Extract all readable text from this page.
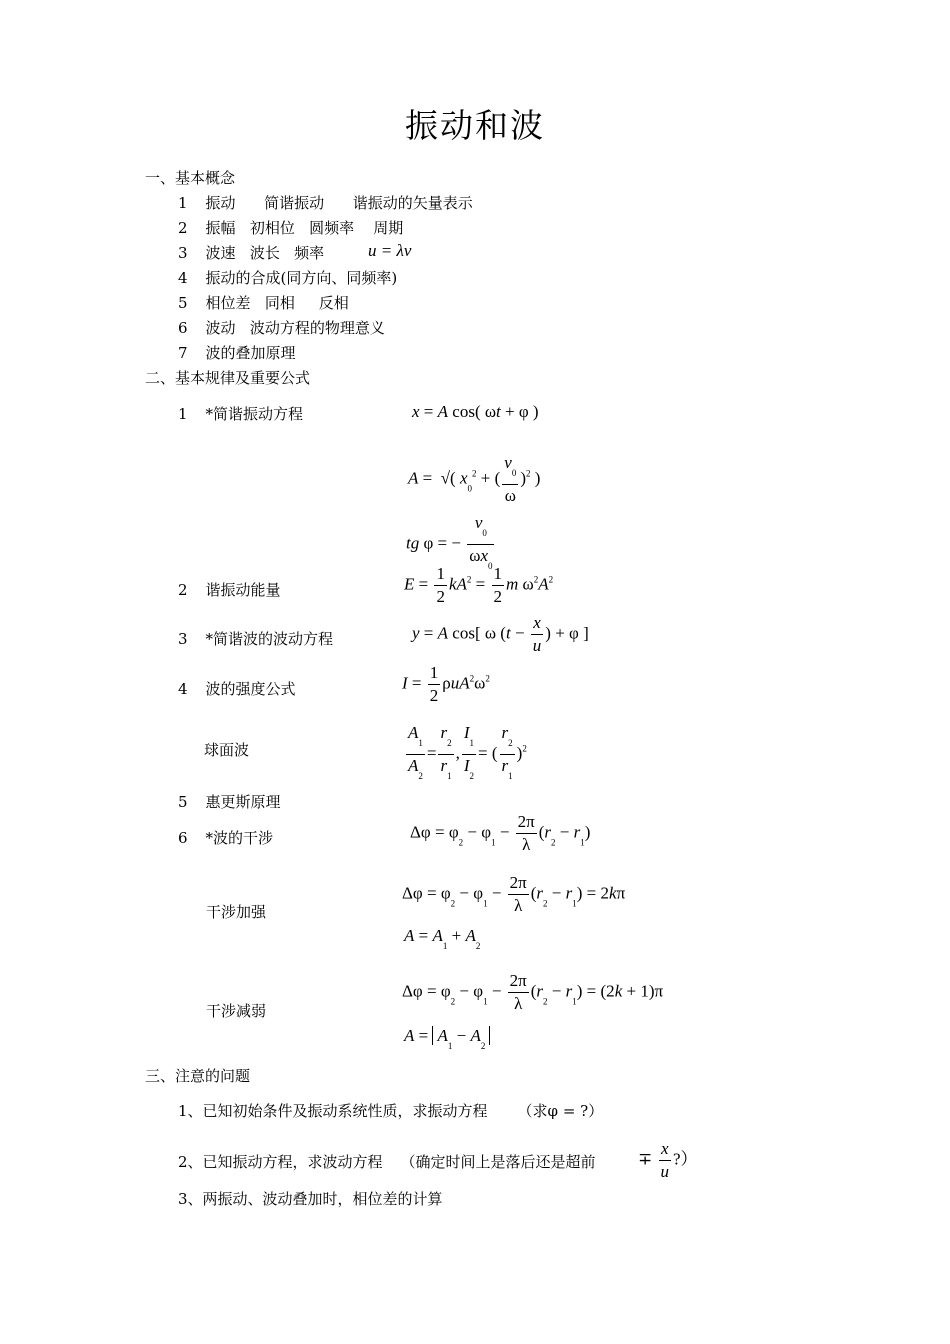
振动和波
一、基本概念
1 振动      简谐振动      谐振动的矢量表示
2 振幅   初相位   圆频率    周期
3 波速   波长   频率	u = λv
4 振动的合成(同方向、同频率)
5 相位差   同相     反相
6 波动   波动方程的物理意义
7 波的叠加原理
二、基本规律及重要公式
1 *简谐振动方程	x = A cos( ωt + φ )
A =  √( $x_0^2$ + ( $\frac{v_0}{\omega} )^2$ )
tg φ = − $\frac{v_0}{\omega x_0}$
2 谐振动能量	$E = \frac{1}{2} kA^2 = \frac{1}{2}$ m $\omega^2A^2$
3 *简谐波的波动方程	y = A cos[ ω ($t - \frac{x}{u}$ ) + φ ]
4 波的强度公式	$I = \frac{1}{2} \rho uA^2\omega^2$
球面波	$\frac{A_1}{A_2} = \frac{r_2}{r_1}$ , $\frac{I_1}{I_2}$ = ( $\frac{r_2}{r_1} )^2$
5 惠更斯原理
6 *波的干涉	$\Delta\varphi = \varphi_2 - \varphi_1 - \frac{2\pi}{\lambda} (r_2 - r_1)$
干涉加强
$\Delta\varphi = \varphi_2 - \varphi_1 - \frac{2\pi}{\lambda} (r_2 - r_1) = 2k\pi$
$A = A_1 + A_2$
干涉减弱
$\Delta\varphi = \varphi_2 - \varphi_1 - \frac{2\pi}{\lambda} (r_2 - r_1) = (2k + 1)\pi$
$A = A_1 - A_2$
三、注意的问题
1、已知初始条件及振动系统性质，求振动方程 （求φ = ?）
2、已知振动方程，求波动方程 （确定时间上是落后还是超前 ∓ $\frac{x}{u}$ ?）
3、两振动、波动叠加时，相位差的计算
